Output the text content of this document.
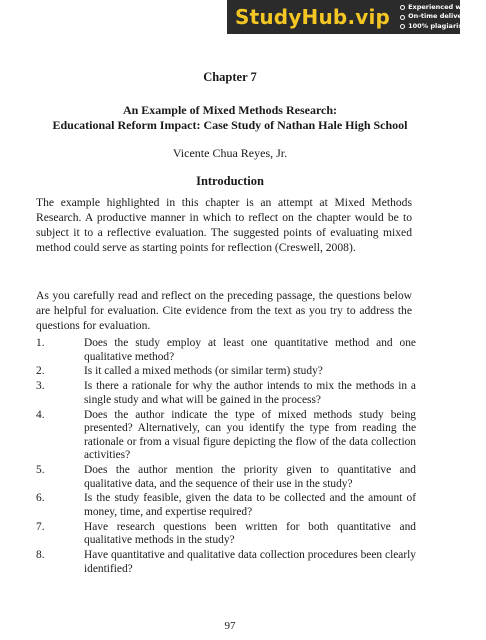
StudyHub.vip	Experienced writers
On-time delivery
100% plagiarism free
Chapter 7
An Example of Mixed Methods Research:
Educational Reform Impact: Case Study of Nathan Hale High School
Vicente Chua Reyes, Jr.
Introduction

The example highlighted in this chapter is an attempt at Mixed Methods Research. A productive manner in which to reflect on the chapter would be to subject it to a reflective evaluation. The suggested points of evaluating mixed method could serve as starting points for reflection (Creswell, 2008).

As you carefully read and reflect on the preceding passage, the questions below are helpful for evaluation. Cite evidence from the text as you try to address the questions for evaluation.

1.	Does the study employ at least one quantitative method and one qualitative method?
2.	Is it called a mixed methods (or similar term) study?
3.	Is there a rationale for why the author intends to mix the methods in a single study and what will be gained in the process?
4.	Does the author indicate the type of mixed methods study being presented? Alternatively, can you identify the type from reading the rationale or from a visual figure depicting the flow of the data collection activities?
5.	Does the author mention the priority given to quantitative and qualitative data, and the sequence of their use in the study?
6.	Is the study feasible, given the data to be collected and the amount of money, time, and expertise required?
7.	Have research questions been written for both quantitative and qualitative methods in the study?
8.	Have quantitative and qualitative data collection procedures been clearly identified?
97
